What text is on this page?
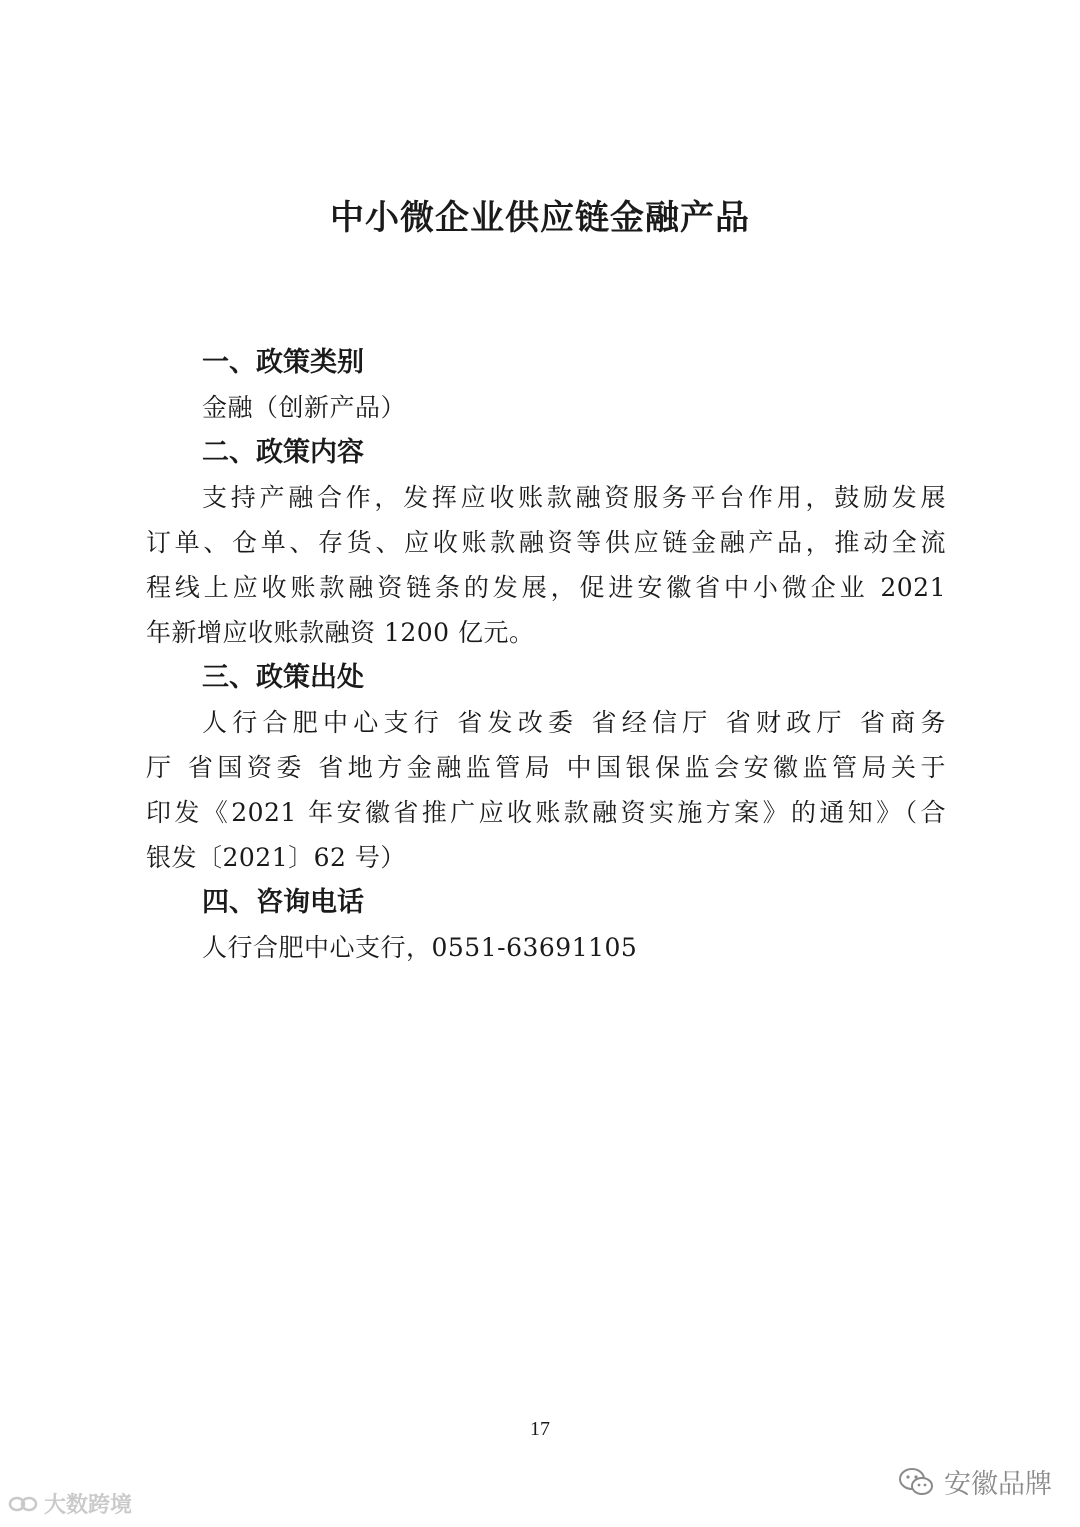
中小微企业供应链金融产品
一、政策类别

金融（创新产品）

二、政策内容

支持产融合作，发挥应收账款融资服务平台作用，鼓励发展
订单、仓单、存货、应收账款融资等供应链金融产品，推动全流
程线上应收账款融资链条的发展，促进安徽省中小微企业 2021
年新增应收账款融资 1200 亿元。

三、政策出处

人行合肥中心支行 省发改委 省经信厅 省财政厅 省商务
厅 省国资委 省地方金融监管局 中国银保监会安徽监管局关于
印发《2021 年安徽省推广应收账款融资实施方案》的通知》（合
银发〔2021〕62 号）

四、咨询电话

人行合肥中心支行，0551-63691105

17
大数跨境
安徽品牌
